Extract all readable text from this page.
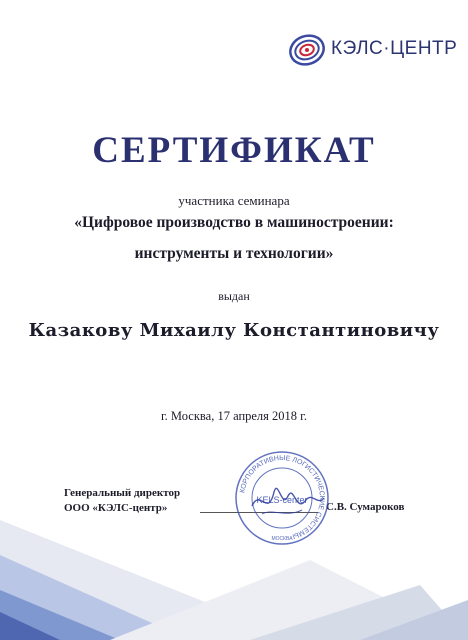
КЭЛС·ЦЕНТР
СЕРТИФИКАТ
участника семинара
«Цифровое производство в машиностроении:
инструменты и технологии»
выдан
Казакову Михаилу Константиновичу
г. Москва, 17 апреля 2018 г.
Генеральный директор
ООО «КЭЛС-центр»	С.В. Сумароков
КОРПОРАТИВНЫЕ ЛОГИСТИЧЕСКИЕ СИСТЕМЫ
KELS-center
МОСКВА
